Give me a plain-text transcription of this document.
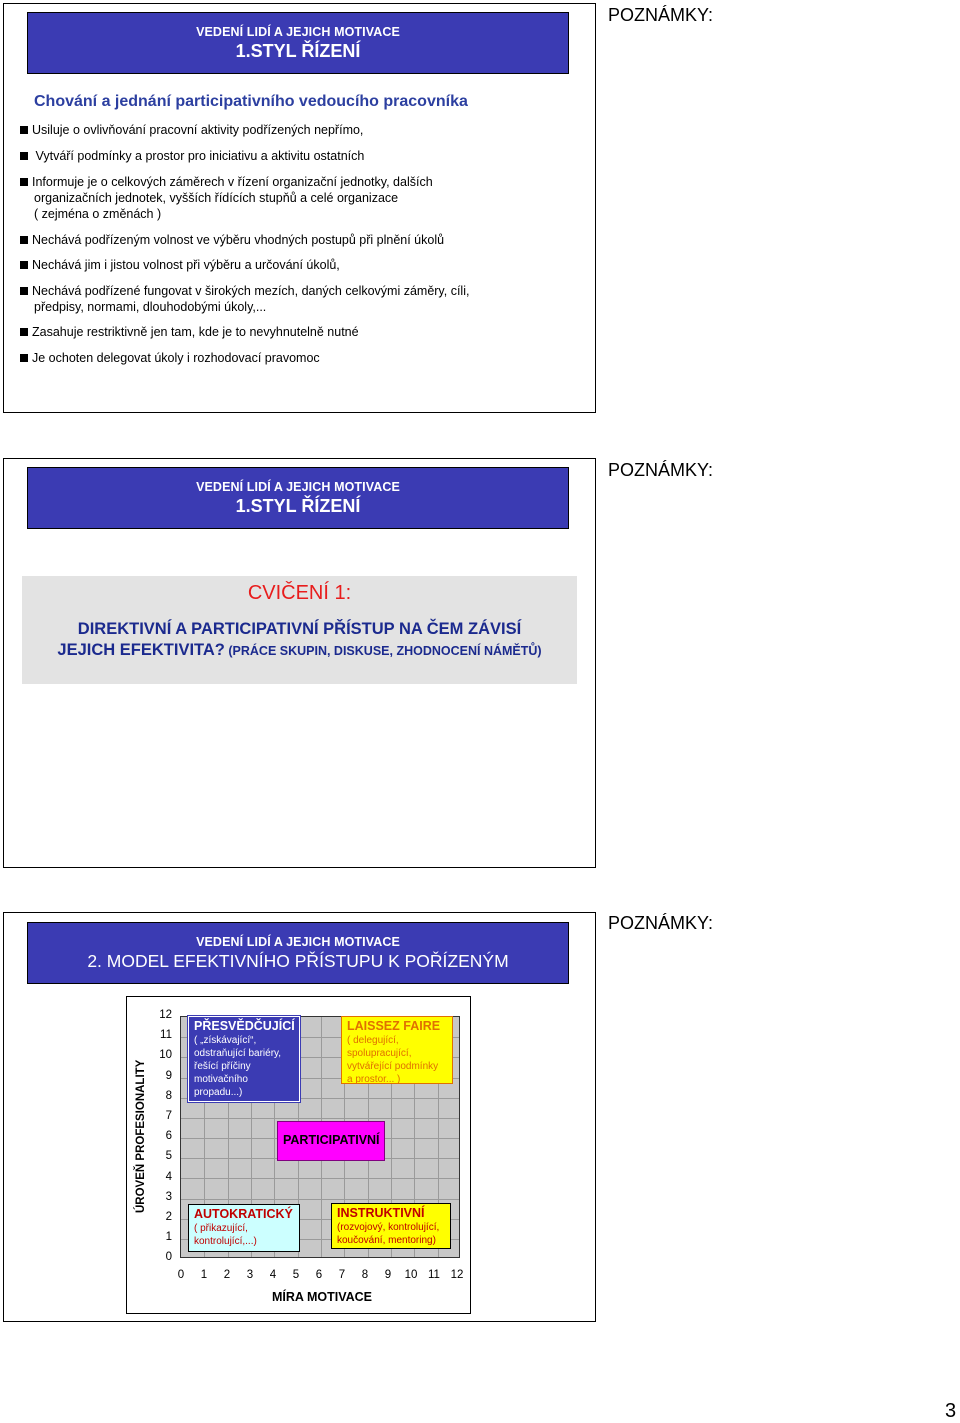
VEDENÍ LIDÍ A JEJICH MOTIVACE
1.STYL ŘÍZENÍ
POZNÁMKY:
Chování a jednání participativního vedoucího pracovníka
Usiluje o ovlivňování pracovní aktivity podřízených nepřímo,
Vytváří podmínky a prostor pro iniciativu a aktivitu ostatních
Informuje je o celkových záměrech v řízení organizační jednotky, dalších
organizačních jednotek, vyšších řídících stupňů a celé organizace
( zejména o změnách )
Nechává podřízeným volnost ve výběru vhodných postupů při plnění úkolů
Nechává jim i jistou volnost při výběru a určování úkolů,
Nechává podřízené fungovat v širokých mezích, daných celkovými záměry, cíli,
předpisy, normami, dlouhodobými úkoly,...
Zasahuje restriktivně jen tam, kde je to nevyhnutelně nutné
Je ochoten delegovat úkoly i rozhodovací pravomoc
VEDENÍ LIDÍ A JEJICH MOTIVACE
1.STYL ŘÍZENÍ
POZNÁMKY:
CVIČENÍ 1:
DIREKTIVNÍ A PARTICIPATIVNÍ PŘÍSTUP NA ČEM ZÁVISÍ
JEJICH EFEKTIVITA? (PRÁCE SKUPIN, DISKUSE, ZHODNOCENÍ NÁMĚTŮ)
VEDENÍ LIDÍ A JEJICH MOTIVACE
2. MODEL EFEKTIVNÍHO PŘÍSTUPU K POŘÍZENÝM
POZNÁMKY:
ÚROVEŇ PROFESIONALITY
MÍRA MOTIVACE
12
11
10
9
8
7
6
5
4
3
2
1
0
0	1	2	3	4	5	6	7	8	9	10 11 12
PŘESVĚDČUJÍCÍ
( „získávající“,
odstraňující bariéry,
řešící příčiny
motivačního
propadu...)
LAISSEZ FAIRE
( delegující,
spolupracující,
vytvářející podmínky
a prostor... )
PARTICIPATIVNÍ
AUTOKRATICKÝ
( přikazující,
kontrolující,...)
INSTRUKTIVNÍ
(rozvojový, kontrolující,
koučování, mentoring)
3
